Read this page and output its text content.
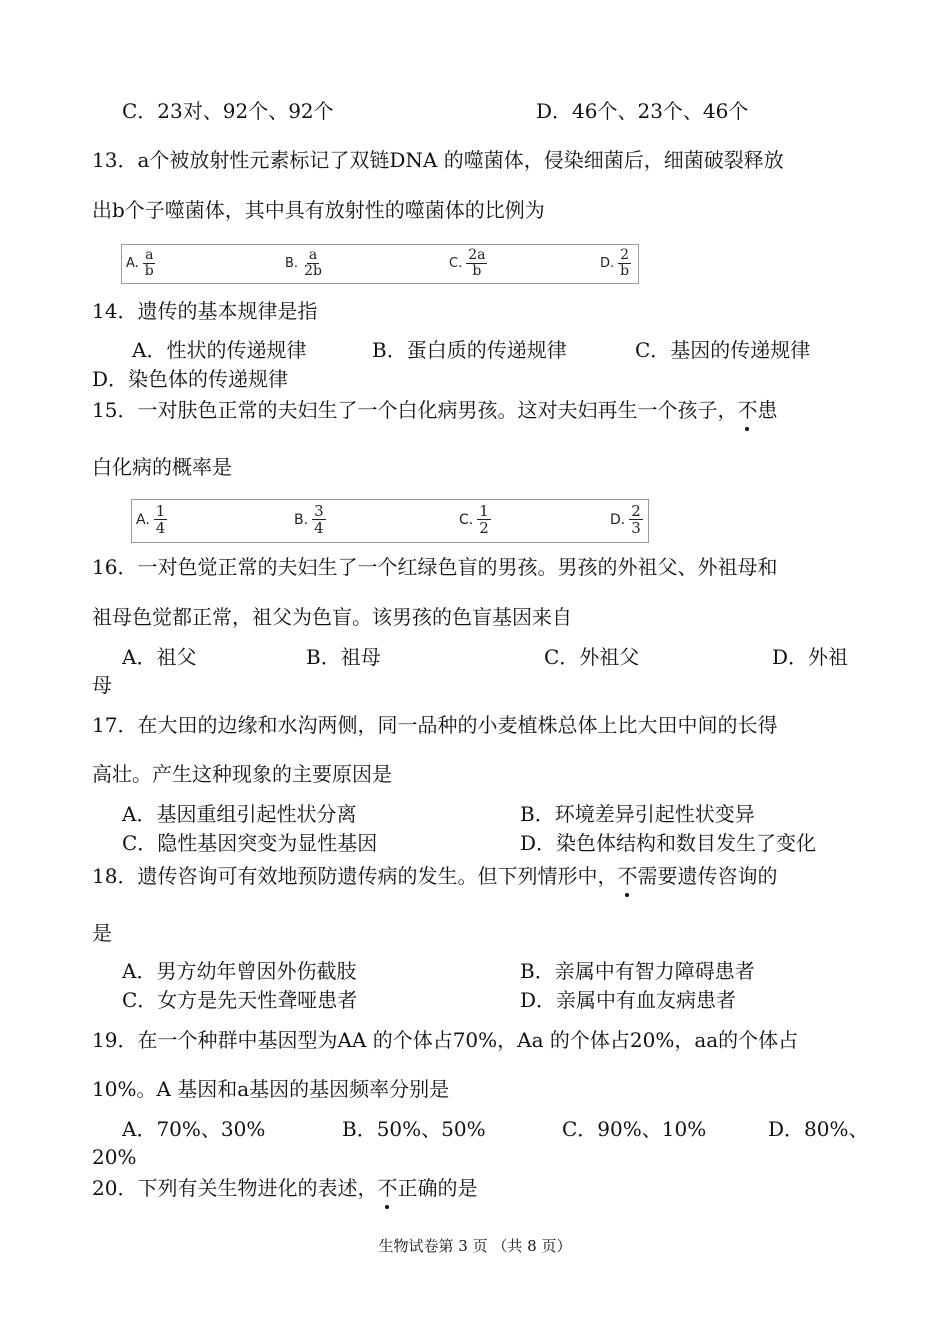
C．23对、92个、92个	D．46个、23个、46个
13．a个被放射性元素标记了双链DNA 的噬菌体，侵染细菌后，细菌破裂释放
出b个子噬菌体，其中具有放射性的噬菌体的比例为
A. $\frac{a}{b}$	B. $\frac{a}{2b}$	C. $\frac{2a}{b}$	D. $\frac{2}{b}$
14．遗传的基本规律是指
A．性状的传递规律	B．蛋白质的传递规律	C．基因的传递规律
D．染色体的传递规律
15．一对肤色正常的夫妇生了一个白化病男孩。这对夫妇再生一个孩子，不患
白化病的概率是
A. $\frac{1}{4}$	B. $\frac{3}{4}$	C. $\frac{1}{2}$	D. $\frac{2}{3}$
16．一对色觉正常的夫妇生了一个红绿色盲的男孩。男孩的外祖父、外祖母和
祖母色觉都正常，祖父为色盲。该男孩的色盲基因来自
A．祖父	B．祖母	C．外祖父	D．外祖
母
17．在大田的边缘和水沟两侧，同一品种的小麦植株总体上比大田中间的长得
高壮。产生这种现象的主要原因是
A．基因重组引起性状分离	B．环境差异引起性状变异
C．隐性基因突变为显性基因	D．染色体结构和数目发生了变化
18．遗传咨询可有效地预防遗传病的发生。但下列情形中，不需要遗传咨询的
是
A．男方幼年曾因外伤截肢	B．亲属中有智力障碍患者
C．女方是先天性聋哑患者	D．亲属中有血友病患者
19．在一个种群中基因型为AA 的个体占70%，Aa 的个体占20%，aa的个体占
10%。A 基因和a基因的基因频率分别是
A．70%、30%	B．50%、50%	C．90%、10%	D．80%、
20%
20．下列有关生物进化的表述，不正确的是
生物试卷第 3 页 （共 8 页）
